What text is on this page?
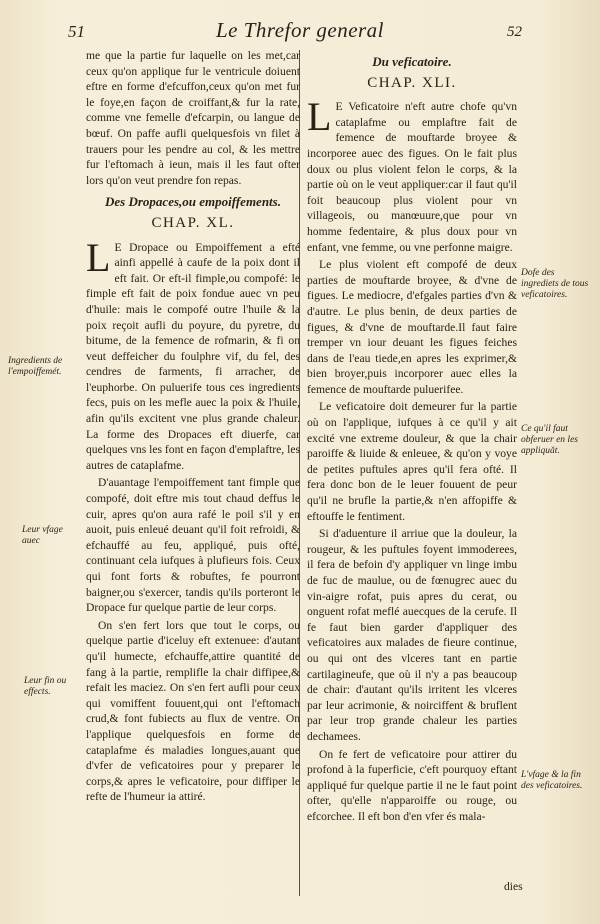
51	Le Threfor general	52

me que la partie fur laquelle on les met,car ceux qu'on applique fur le ventricule doiuent eftre en forme d'efcuffon,ceux qu'on met fur le foye,en façon de croiffant,& fur la rate, comme vne femelle d'efcarpin, ou langue de bœuf. On paffe aufli quelquesfois vn filet à trauers pour les pendre au col, & les mettre fur l'eftomach à ieun, mais il les faut ofter lors qu'on veut prendre fon repas.

Des Dropaces,ou empoiffements.
CHAP. XL.

L E Dropace ou Empoiffement a efté ainfi appellé à caufe de la poix dont il eft fait. Or eft-il fimple,ou compofé: le fimple eft fait de poix fondue auec vn peu d'huile: mais le compofé outre l'huile & la poix reçoit aufli du poyure, du pyretre, du bitume, de la femence de rofmarin, & fi on veut deffeicher du foulphre vif, du fel, des cendres de farments, fi arracher, de l'euphorbe. On puluerife tous ces ingredients fecs, puis on les mefle auec la poix & l'huile, afin qu'ils excitent vne plus grande chaleur. La forme des Dropaces eft diuerfe, car quelques vns les font en façon d'emplaftre, les autres de cataplafme.

D'auantage l'empoiffement tant fimple que compofé, doit eftre mis tout chaud deffus le cuir, apres qu'on aura rafé le poil s'il y en auoit, puis enleué deuant qu'il foit refroidi, & efchauffé au feu, appliqué, puis ofté, continuant cela iufques à plufieurs fois. Ceux qui font forts & robuftes, fe pourront baigner,ou s'exercer, tandis qu'ils porteront le Dropace fur quelque partie de leur corps.

On s'en fert lors que tout le corps, ou quelque partie d'iceluy eft extenuee: d'autant qu'il humecte, efchauffe,attire quantité de fang à la partie, remplifle la chair diffipee,& refait les maciez. On s'en fert aufli pour ceux qui vomiffent fouuent,qui ont l'eftomach crud,& font fubiects au flux de ventre. On l'applique quelquesfois en forme de cataplafme és maladies longues,auant que d'vfer de veficatoires pour y preparer le corps,& apres le veficatoire, pour diffiper le refte de l'humeur ia attiré.

Du veficatoire.
CHAP. XLI.

L E Veficatoire n'eft autre chofe qu'vn cataplafme ou emplaftre fait de femence de mouftarde broyee & incorporee auec des figues. On le fait plus doux ou plus violent felon le corps, & la partie où on le veut appliquer:car il faut qu'il foit beaucoup plus violent pour vn villageois, ou manœuure,que pour vn homme fedentaire, & plus doux pour vn enfant, vne femme, ou vne perfonne maigre.

Le plus violent eft compofé de deux parties de mouftarde broyee, & d'vne de figues. Le mediocre, d'efgales parties d'vn & d'autre. Le plus benin, de deux parties de figues, & d'vne de mouftarde.Il faut faire tremper vn iour deuant les figues feiches dans de l'eau tiede,en apres les exprimer,& bien broyer,puis incorporer auec elles la femence de mouftarde puluerifee.

Le veficatoire doit demeurer fur la partie où on l'applique, iufques à ce qu'il y ait excité vne extreme douleur, & que la chair paroiffe & liuide & enleuee, & qu'on y voye de petites puftules apres qu'il fera ofté. Il fera donc bon de le leuer fouuent de peur qu'il ne brufle la partie,& n'en affopiffe & eftouffe le fentiment.

Si d'aduenture il arriue que la douleur, la rougeur, & les puftules foyent immoderees, il fera de befoin d'y appliquer vn linge imbu de fuc de maulue, ou de fœnugrec auec du vin-aigre rofat, puis apres du cerat, ou onguent rofat meflé auecques de la cerufe. Il fe faut bien garder d'appliquer des veficatoires aux malades de fieure continue, ou qui ont des vlceres tant en partie cartilagineufe, que où il n'y a pas beaucoup de chair: d'autant qu'ils irritent les vlceres par leur acrimonie, & noirciffent & bruflent par leur trop grande chaleur les parties dechamees.

On fe fert de veficatoire pour attirer du profond à la fuperficie, c'eft pourquoy eftant appliqué fur quelque partie il ne le faut point ofter, qu'elle n'apparoiffe ou rouge, ou efcorchee. Il eft bon d'en vfer és mala-

dies
Ingredients de l'empoiffemét.
Leur vfage auec
Leur fin ou effects.
Dofe des ingrediets de tous veficatoires.
Ce qu'il faut obferuer en les appliquăt.
L'vfage & la fin des veficatoires.
